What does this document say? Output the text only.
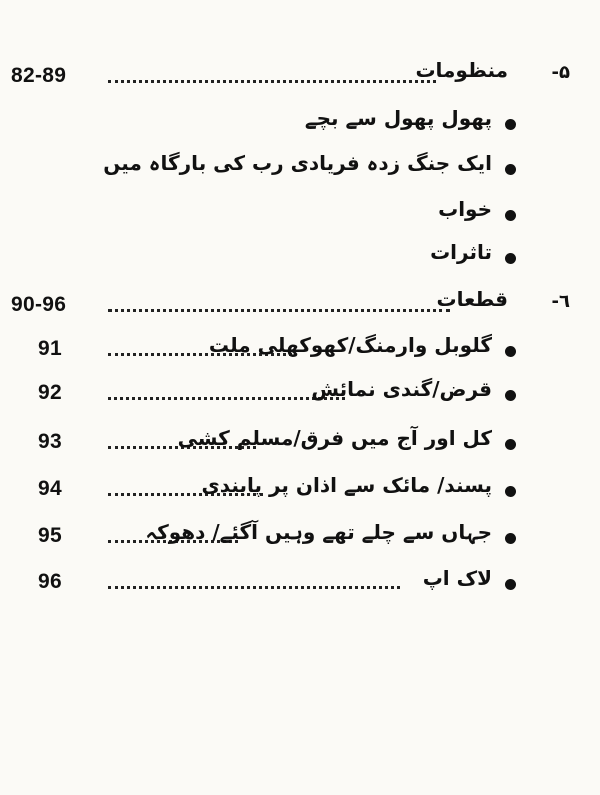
82-89	منظومات ۵-
پھول پھول سے بچے
ایک جنگ زدہ فریادی رب کی بارگاہ میں
خواب
تاثرات
90-96	قطعات ٦-
91	گلوبل وارمنگ/کھوکھلی ملت
92	قرض/گندی نمائش
93	کل اور آج میں فرق/مسلم کشی
94	پسند/ مائک سے اذان پر پابندی
95	جہاں سے چلے تھے وہیں آگئے/ دھوکہ
96	لاک اپ
